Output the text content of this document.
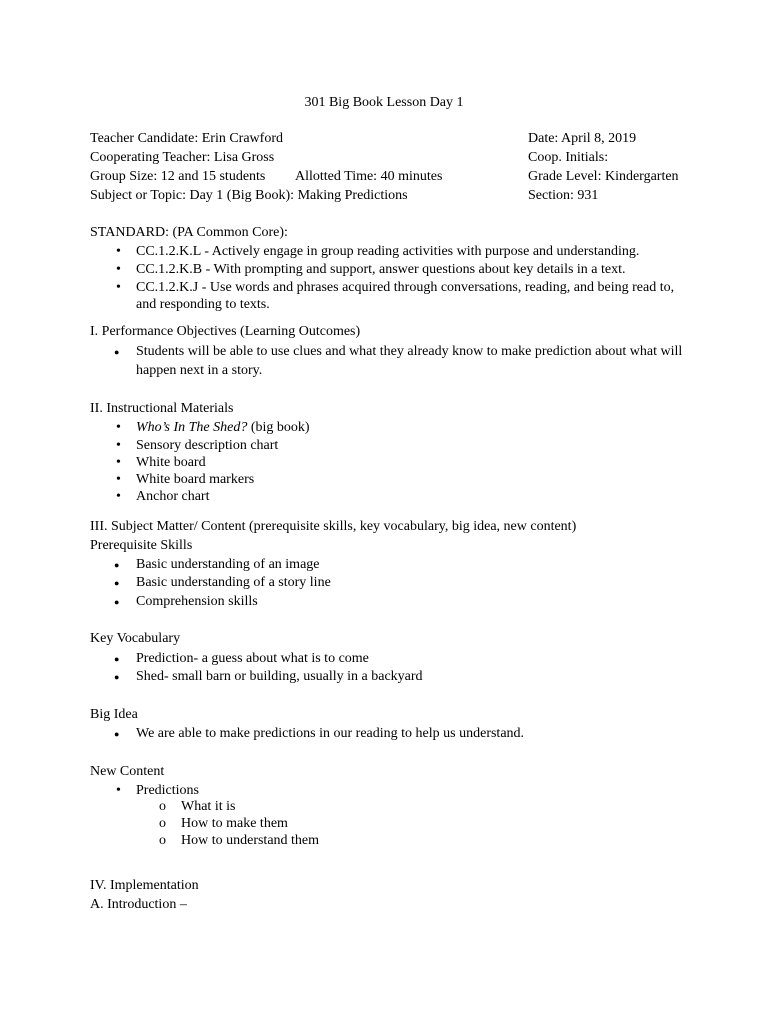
301 Big Book Lesson Day 1
Teacher Candidate: Erin Crawford
Cooperating Teacher: Lisa Gross
Group Size: 12 and 15 students Allotted Time: 40 minutes
Subject or Topic: Day 1 (Big Book): Making Predictions
Date: April 8, 2019
Coop. Initials:
Grade Level: Kindergarten
Section: 931
STANDARD: (PA Common Core):
• CC.1.2.K.L - Actively engage in group reading activities with purpose and understanding.
• CC.1.2.K.B - With prompting and support, answer questions about key details in a text.
• CC.1.2.K.J - Use words and phrases acquired through conversations, reading, and being read to,
and responding to texts.
I. Performance Objectives (Learning Outcomes)
● Students will be able to use clues and what they already know to make prediction about what will
happen next in a story.
II. Instructional Materials
• Who’s In The Shed? (big book)
• Sensory description chart
• White board
• White board markers
• Anchor chart
III. Subject Matter/ Content (prerequisite skills, key vocabulary, big idea, new content)
Prerequisite Skills
● Basic understanding of an image
● Basic understanding of a story line
● Comprehension skills
Key Vocabulary
● Prediction- a guess about what is to come
● Shed- small barn or building, usually in a backyard
Big Idea
● We are able to make predictions in our reading to help us understand.
New Content
• Predictions
o What it is
o How to make them
o How to understand them
IV. Implementation
A. Introduction –
